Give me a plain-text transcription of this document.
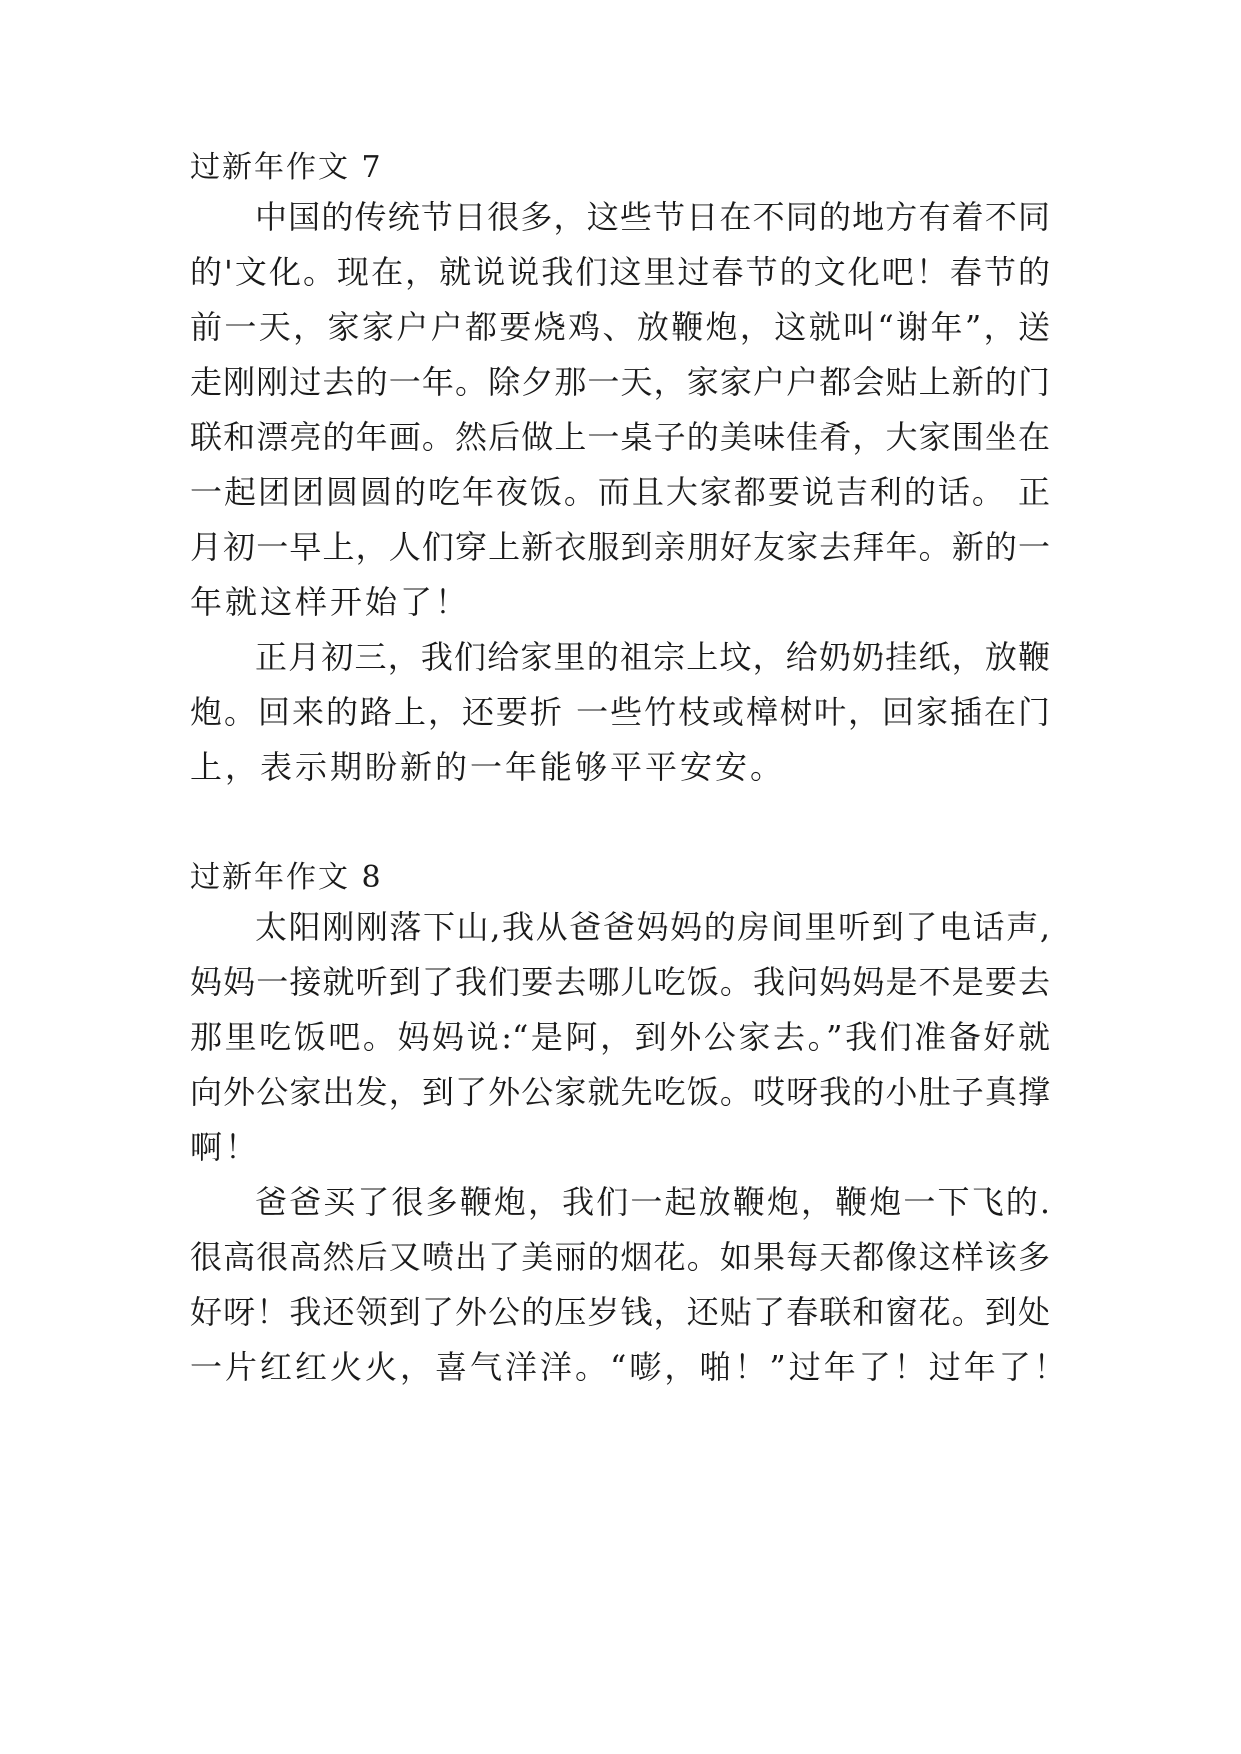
过新年作文 7

中国的传统节日很多，这些节日在不同的地方有着不同

的'文化。现在，就说说我们这里过春节的文化吧！春节的

前一天，家家户户都要烧鸡、放鞭炮，这就叫“谢年”，送

走刚刚过去的一年。除夕那一天，家家户户都会贴上新的门

联和漂亮的年画。然后做上一桌子的美味佳肴，大家围坐在

一起团团圆圆的吃年夜饭。而且大家都要说吉利的话。 正

月初一早上，人们穿上新衣服到亲朋好友家去拜年。新的一

年就这样开始了！

正月初三，我们给家里的祖宗上坟，给奶奶挂纸，放鞭

炮。回来的路上，还要折 一些竹枝或樟树叶，回家插在门

上，表示期盼新的一年能够平平安安。

过新年作文 8

太阳刚刚落下山,我从爸爸妈妈的房间里听到了电话声,

妈妈一接就听到了我们要去哪儿吃饭。我问妈妈是不是要去

那里吃饭吧。妈妈说:“是阿，到外公家去。”我们准备好就

向外公家出发，到了外公家就先吃饭。哎呀我的小肚子真撑

啊！

爸爸买了很多鞭炮，我们一起放鞭炮，鞭炮一下飞的.

很高很高然后又喷出了美丽的烟花。如果每天都像这样该多

好呀！我还领到了外公的压岁钱，还贴了春联和窗花。到处

一片红红火火，喜气洋洋。“嘭，啪！”过年了！过年了！
